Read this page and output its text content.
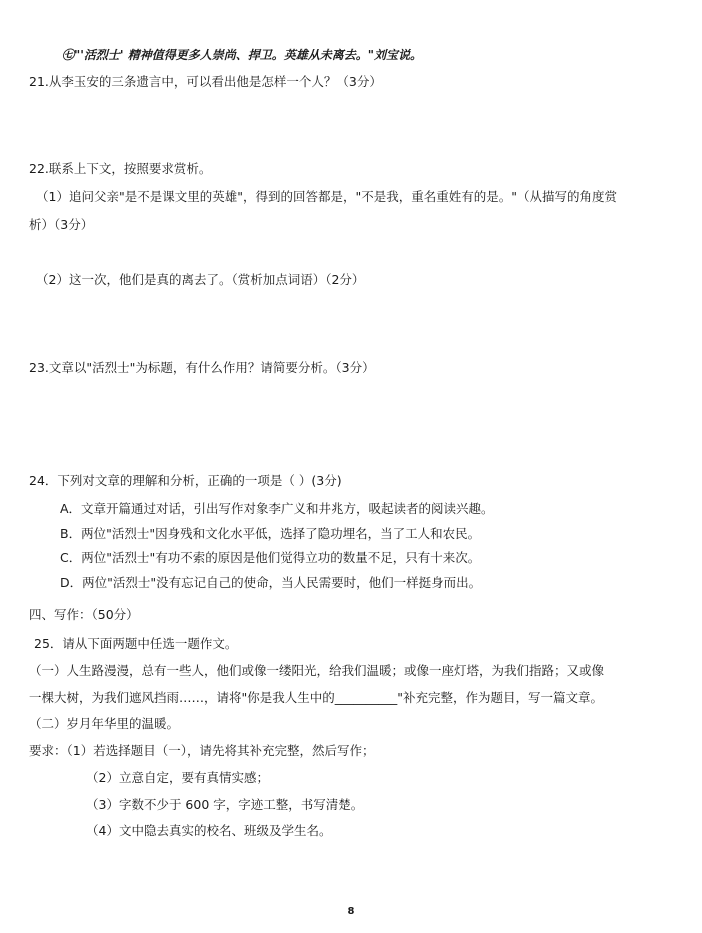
㊆"'活烈士' 精神值得更多人崇尚、捍卫。英雄从未离去。"刘宝说。
21.从李玉安的三条遗言中，可以看出他是怎样一个人？（3分）
22.联系上下文，按照要求赏析。
（1）追问父亲"是不是课文里的英雄"，得到的回答都是，"不是我，重名重姓有的是。"（从描写的角度赏
析）（3分）
（2）这一次，他们是真的离去了。（赏析加点词语）（2分）
23.文章以"活烈士"为标题，有什么作用？请简要分析。（3分）
24．下列对文章的理解和分析，正确的一项是（ ）(3分)
A．文章开篇通过对话，引出写作对象李广义和井兆方，吸起读者的阅读兴趣。
B．两位"活烈士"因身残和文化水平低，选择了隐功埋名，当了工人和农民。
C．两位"活烈士"有功不索的原因是他们觉得立功的数量不足，只有十来次。
D．两位"活烈士"没有忘记自己的使命，当人民需要时，他们一样挺身而出。
四、写作：（50分）
25．请从下面两题中任选一题作文。
（一）人生路漫漫，总有一些人，他们或像一缕阳光，给我们温暖；或像一座灯塔，为我们指路；又或像
一棵大树，为我们遮风挡雨……，请将"你是我人生中的__________"补充完整，作为题目，写一篇文章。
（二）岁月年华里的温暖。
要求：（1）若选择题目（一），请先将其补充完整，然后写作；
（2）立意自定，要有真情实感；
（3）字数不少于 600 字，字迹工整，书写清楚。
（4）文中隐去真实的校名、班级及学生名。
8
